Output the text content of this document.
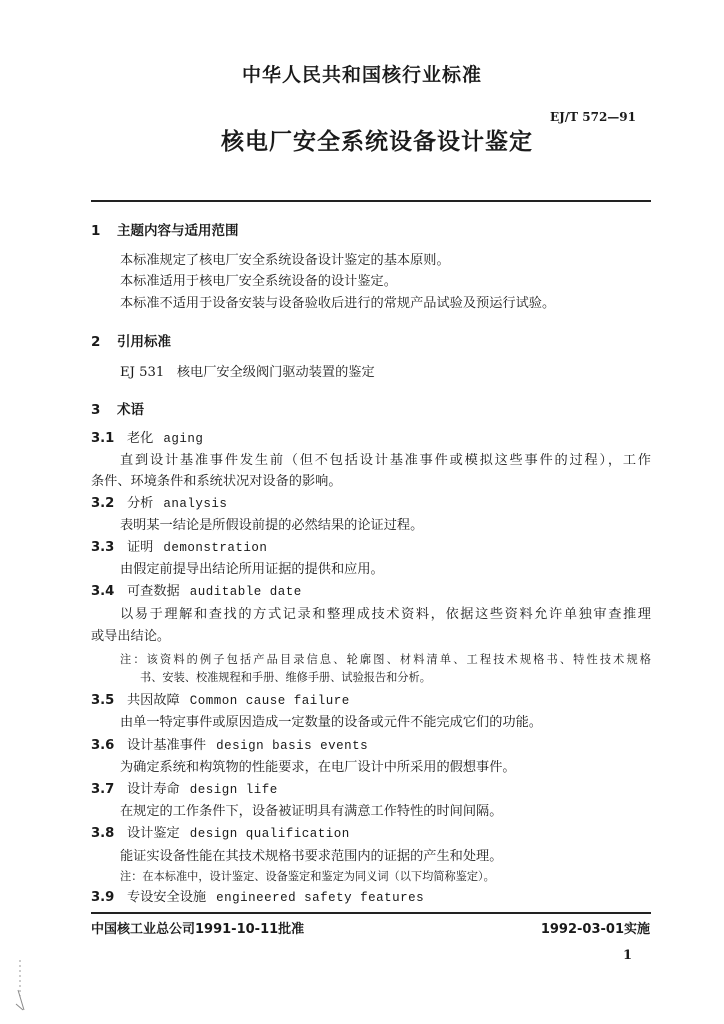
中华人民共和国核行业标准
EJ/T 572—91
核电厂安全系统设备设计鉴定
1 主题内容与适用范围
本标准规定了核电厂安全系统设备设计鉴定的基本原则。
本标准适用于核电厂安全系统设备的设计鉴定。
本标准不适用于设备安装与设备验收后进行的常规产品试验及预运行试验。
2 引用标准
EJ 531   核电厂安全级阀门驱动装置的鉴定
3 术语
3.1 老化 aging
直到设计基准事件发生前（但不包括设计基准事件或模拟这些事件的过程），工作
条件、环境条件和系统状况对设备的影响。
3.2 分析 analysis
表明某一结论是所假设前提的必然结果的论证过程。
3.3 证明 demonstration
由假定前提导出结论所用证据的提供和应用。
3.4 可查数据 auditable date
以易于理解和查找的方式记录和整理成技术资料，依据这些资料允许单独审查推理
或导出结论。
注：该资料的例子包括产品目录信息、轮廓图、材料清单、工程技术规格书、特性技术规格
书、安装、校准规程和手册、维修手册、试验报告和分析。
3.5 共因故障 Common cause failure
由单一特定事件或原因造成一定数量的设备或元件不能完成它们的功能。
3.6 设计基准事件 design basis events
为确定系统和构筑物的性能要求，在电厂设计中所采用的假想事件。
3.7 设计寿命 design life
在规定的工作条件下，设备被证明具有满意工作特性的时间间隔。
3.8 设计鉴定 design qualification
能证实设备性能在其技术规格书要求范围内的证据的产生和处理。
注：在本标准中，设计鉴定、设备鉴定和鉴定为同义词（以下均简称鉴定）。
3.9 专设安全设施 engineered safety features
中国核工业总公司1991-10-11批准	1992-03-01实施
1
